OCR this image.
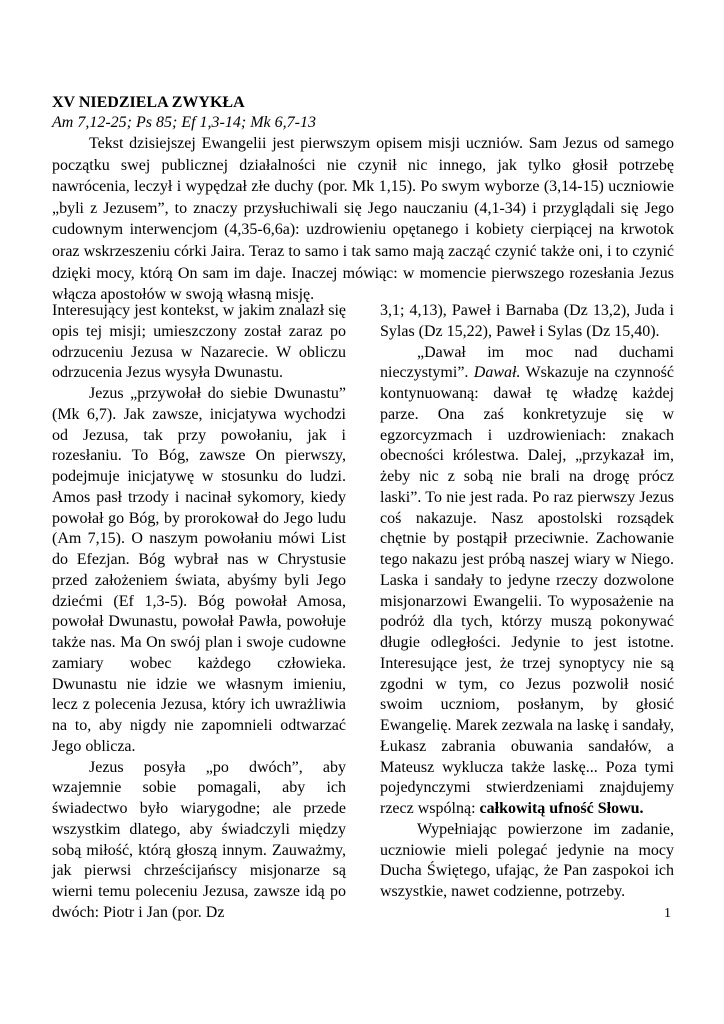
XV NIEDZIELA ZWYKŁA
Am 7,12-25; Ps 85; Ef 1,3-14; Mk 6,7-13

Tekst dzisiejszej Ewangelii jest pierwszym opisem misji uczniów. Sam Jezus od samego początku swej publicznej działalności nie czynił nic innego, jak tylko głosił potrzebę nawrócenia, leczył i wypędzał złe duchy (por. Mk 1,15). Po swym wyborze (3,14-15) uczniowie „byli z Jezusem”, to znaczy przysłuchiwali się Jego nauczaniu (4,1-34) i przyglądali się Jego cudownym interwencjom (4,35-6,6a): uzdrowieniu opętanego i kobiety cierpiącej na krwotok oraz wskrzeszeniu córki Jaira. Teraz to samo i tak samo mają zacząć czynić także oni, i to czynić dzięki mocy, którą On sam im daje. Inaczej mówiąc: w momencie pierwszego rozesłania Jezus włącza apostołów w swoją własną misję.

Interesujący jest kontekst, w jakim znalazł się opis tej misji; umieszczony został zaraz po odrzuceniu Jezusa w Nazarecie. W obliczu odrzucenia Jezus wysyła Dwunastu.

Jezus „przywołał do siebie Dwunastu” (Mk 6,7). Jak zawsze, inicjatywa wychodzi od Jezusa, tak przy powołaniu, jak i rozesłaniu. To Bóg, zawsze On pierwszy, podejmuje inicjatywę w stosunku do ludzi. Amos pasł trzody i nacinał sykomory, kiedy powołał go Bóg, by prorokował do Jego ludu (Am 7,15). O naszym powołaniu mówi List do Efezjan. Bóg wybrał nas w Chrystusie przed założeniem świata, abyśmy byli Jego dziećmi (Ef 1,3-5). Bóg powołał Amosa, powołał Dwunastu, powołał Pawła, powołuje także nas. Ma On swój plan i swoje cudowne zamiary wobec każdego człowieka. Dwunastu nie idzie we własnym imieniu, lecz z polecenia Jezusa, który ich uwrażliwia na to, aby nigdy nie zapomnieli odtwarzać Jego oblicza.

Jezus posyła „po dwóch”, aby wzajemnie sobie pomagali, aby ich świadectwo było wiarygodne; ale przede wszystkim dlatego, aby świadczyli między sobą miłość, którą głoszą innym. Zauważmy, jak pierwsi chrześcijańscy misjonarze są wierni temu poleceniu Jezusa, zawsze idą po dwóch: Piotr i Jan (por. Dz

3,1; 4,13), Paweł i Barnaba (Dz 13,2), Juda i Sylas (Dz 15,22), Paweł i Sylas (Dz 15,40).

„Dawał im moc nad duchami nieczystymi”. Dawał. Wskazuje na czynność kontynuowaną: dawał tę władzę każdej parze. Ona zaś konkretyzuje się w egzorcyzmach i uzdrowieniach: znakach obecności królestwa. Dalej, „przykazał im, żeby nic z sobą nie brali na drogę prócz laski”. To nie jest rada. Po raz pierwszy Jezus coś nakazuje. Nasz apostolski rozsądek chętnie by postąpił przeciwnie. Zachowanie tego nakazu jest próbą naszej wiary w Niego. Laska i sandały to jedyne rzeczy dozwolone misjonarzowi Ewangelii. To wyposażenie na podróż dla tych, którzy muszą pokonywać długie odległości. Jedynie to jest istotne. Interesujące jest, że trzej synoptycy nie są zgodni w tym, co Jezus pozwolił nosić swoim uczniom, posłanym, by głosić Ewangelię. Marek zezwala na laskę i sandały, Łukasz zabrania obuwania sandałów, a Mateusz wyklucza także laskę... Poza tymi pojedynczymi stwierdzeniami znajdujemy rzecz wspólną: całkowitą ufność Słowu.

Wypełniając powierzone im zadanie, uczniowie mieli polegać jedynie na mocy Ducha Świętego, ufając, że Pan zaspokoi ich wszystkie, nawet codzienne, potrzeby.

1
